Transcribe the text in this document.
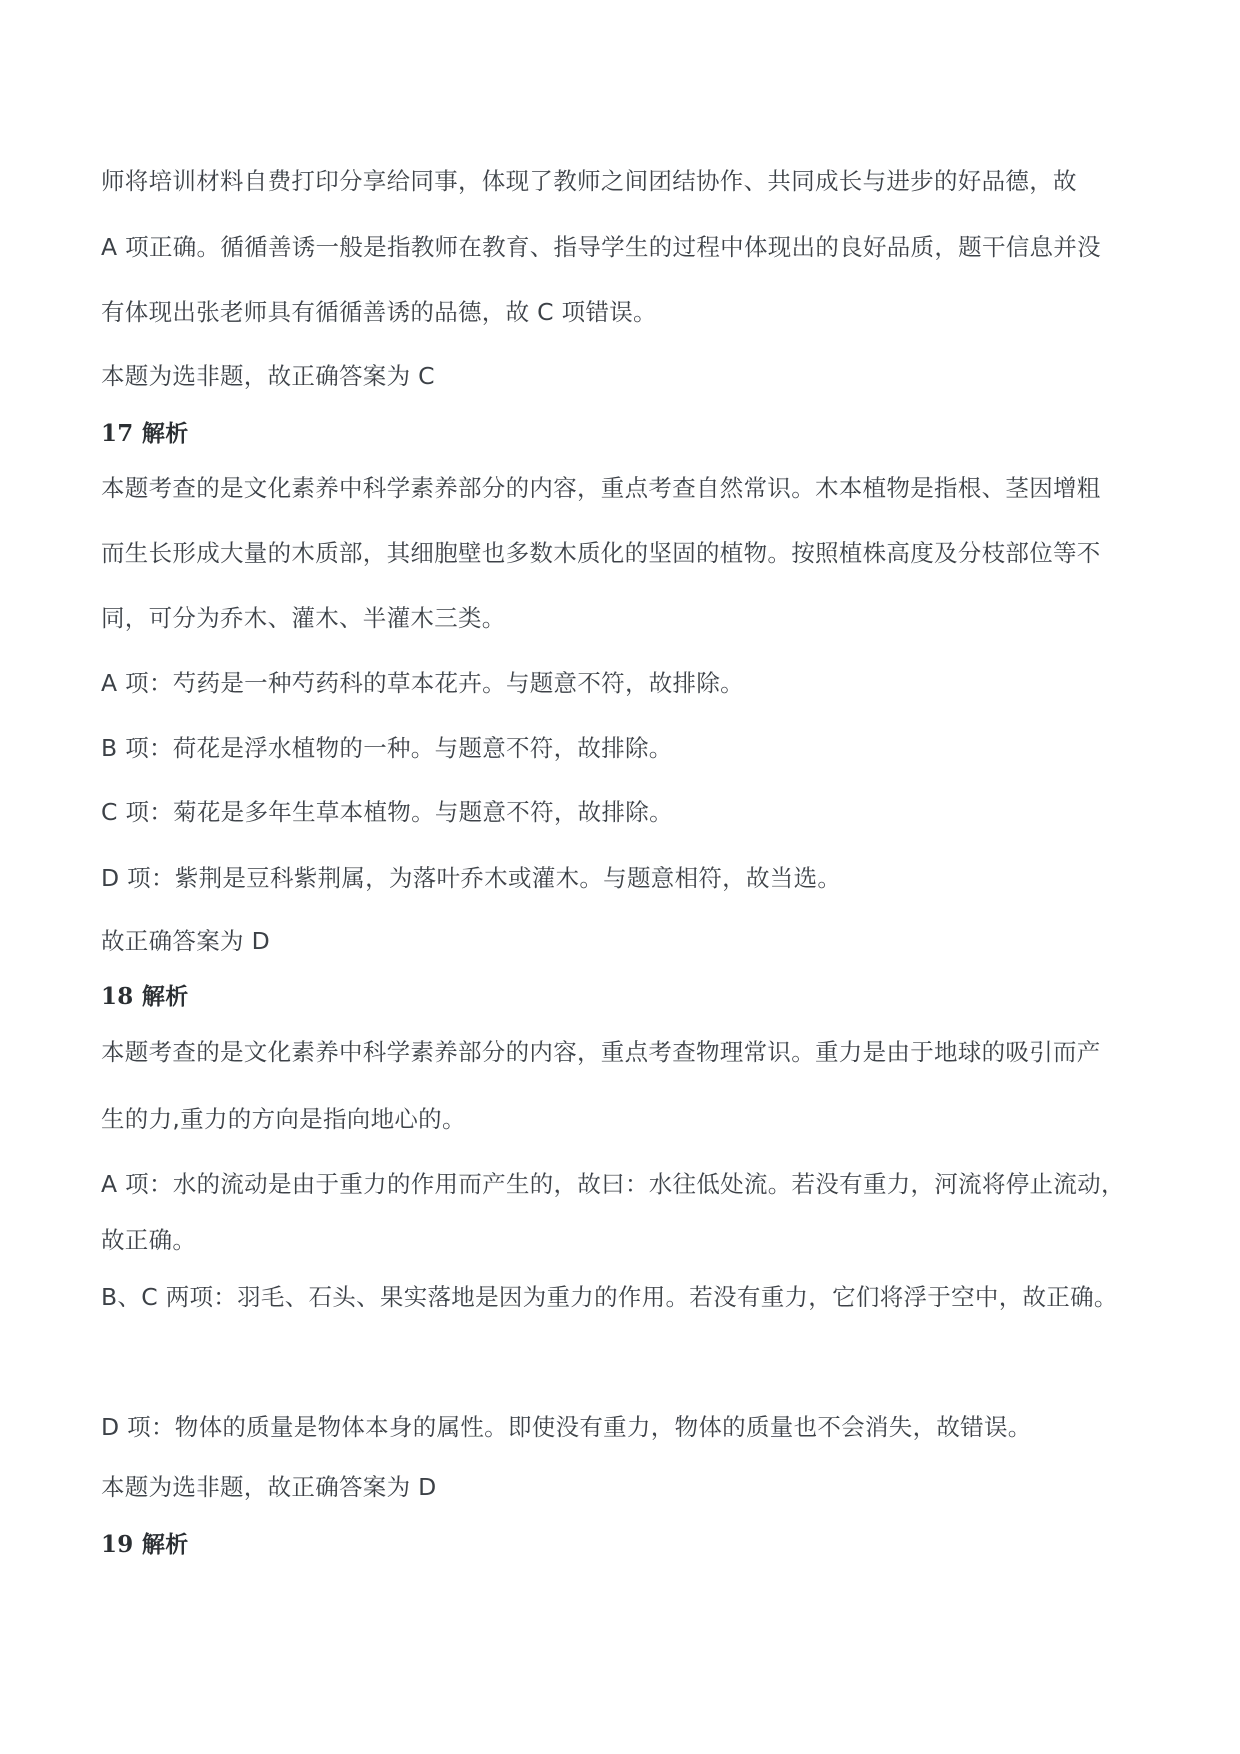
师将培训材料自费打印分享给同事，体现了教师之间团结协作、共同成长与进步的好品德，故
A 项正确。循循善诱一般是指教师在教育、指导学生的过程中体现出的良好品质，题干信息并没
有体现出张老师具有循循善诱的品德，故 C 项错误。
本题为选非题，故正确答案为 C
17 解析
本题考查的是文化素养中科学素养部分的内容，重点考查自然常识。木本植物是指根、茎因增粗
而生长形成大量的木质部，其细胞壁也多数木质化的坚固的植物。按照植株高度及分枝部位等不
同，可分为乔木、灌木、半灌木三类。
A 项：芍药是一种芍药科的草本花卉。与题意不符，故排除。
B 项：荷花是浮水植物的一种。与题意不符，故排除。
C 项：菊花是多年生草本植物。与题意不符，故排除。
D 项：紫荆是豆科紫荆属，为落叶乔木或灌木。与题意相符，故当选。
故正确答案为 D
18 解析
本题考查的是文化素养中科学素养部分的内容，重点考查物理常识。重力是由于地球的吸引而产
生的力,重力的方向是指向地心的。
A 项：水的流动是由于重力的作用而产生的，故曰：水往低处流。若没有重力，河流将停止流动，
故正确。
B、C 两项：羽毛、石头、果实落地是因为重力的作用。若没有重力，它们将浮于空中，故正确。
D 项：物体的质量是物体本身的属性。即使没有重力，物体的质量也不会消失，故错误。
本题为选非题，故正确答案为 D
19 解析
